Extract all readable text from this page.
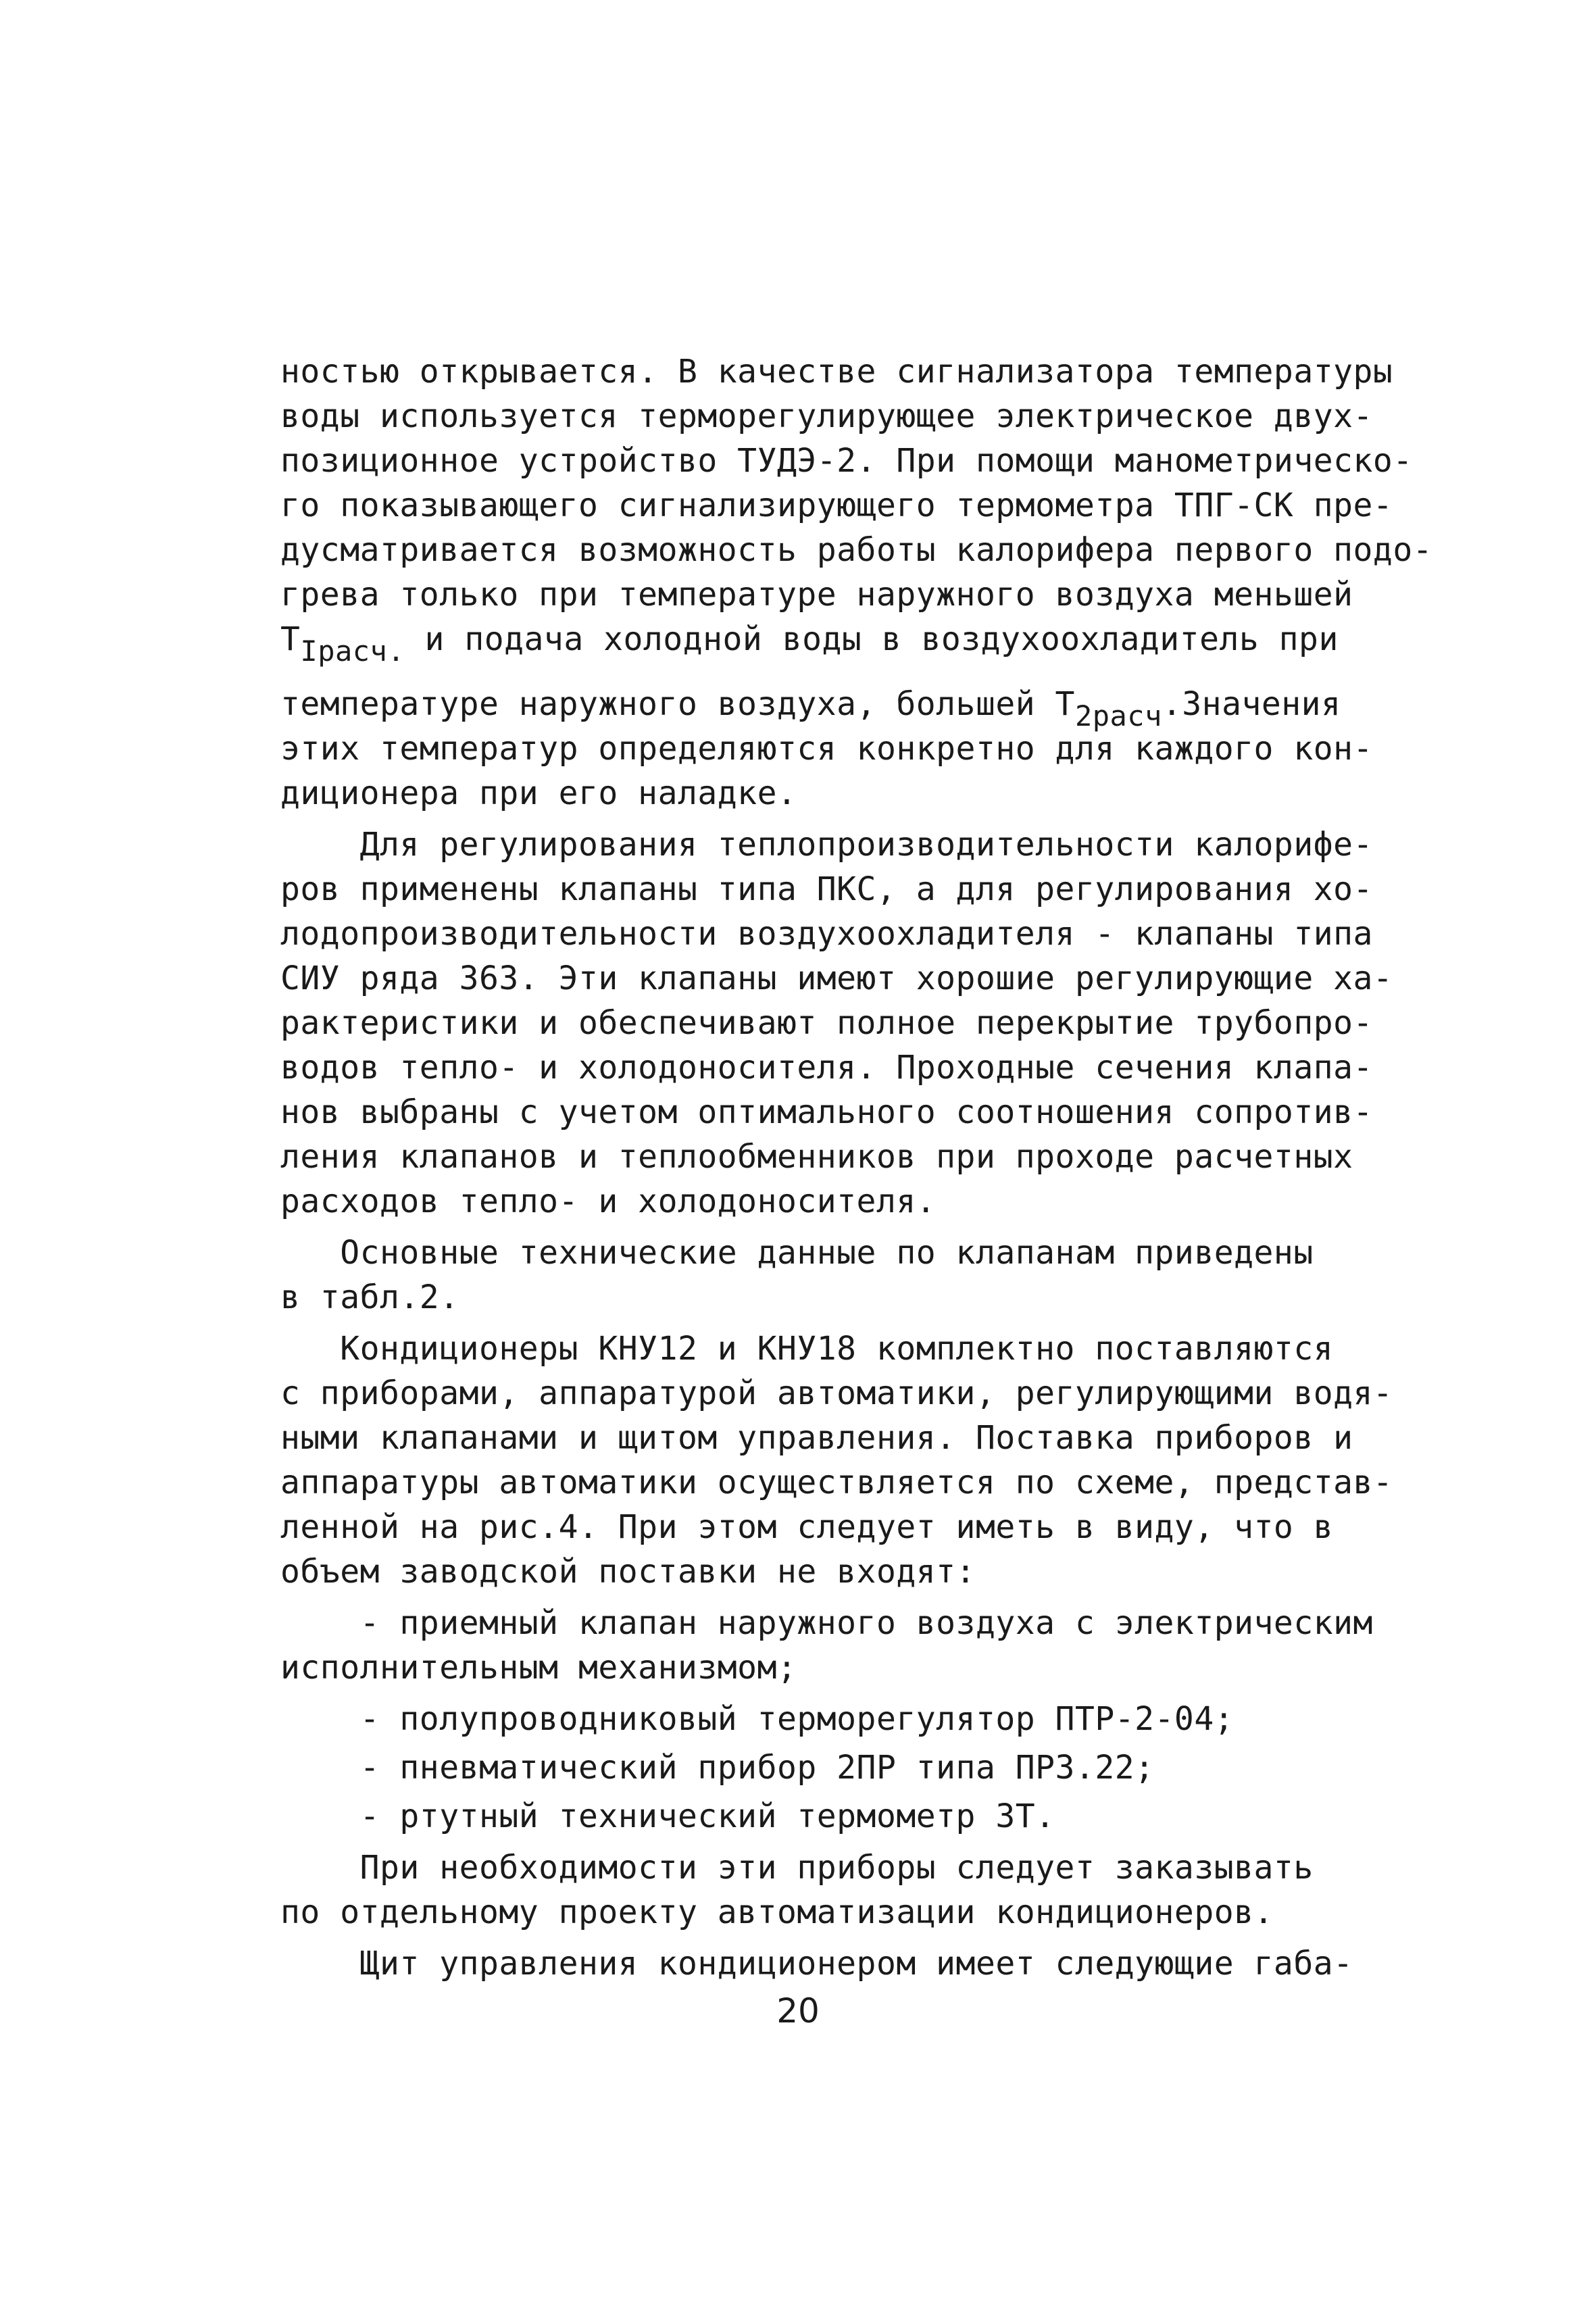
ностью открывается. В качестве сигнализатора температуры
воды используется терморегулирующее электрическое двух-
позиционное устройство ТУДЭ-2. При помощи манометрическо-
го показывающего сигнализирующего термометра ТПГ-СК пре-
дусматривается возможность работы калорифера первого подо-
грева только при температуре наружного воздуха меньшей
ТIрасч. и подача холодной воды в воздухоохладитель при
температуре наружного воздуха, большей Т2расч.Значения
этих температур определяются конкретно для каждого кон-
диционера при его наладке.
Для регулирования теплопроизводительности калорифе-
ров применены клапаны типа ПКС, а для регулирования хо-
лодопроизводительности воздухоохладителя - клапаны типа
СИУ ряда 363. Эти клапаны имеют хорошие регулирующие ха-
рактеристики и обеспечивают полное перекрытие трубопро-
водов тепло- и холодоносителя. Проходные сечения клапа-
нов выбраны с учетом оптимального соотношения сопротив-
ления клапанов и теплообменников при проходе расчетных
расходов тепло- и холодоносителя.
Основные технические данные по клапанам приведены
в табл.2.
Кондиционеры КНУ12 и КНУ18 комплектно поставляются
с приборами, аппаратурой автоматики, регулирующими водя-
ными клапанами и щитом управления. Поставка приборов и
аппаратуры автоматики осуществляется по схеме, представ-
ленной на рис.4. При этом следует иметь в виду, что в
объем заводской поставки не входят:
- приемный клапан наружного воздуха с электрическим
исполнительным механизмом;
- полупроводниковый терморегулятор ПТР-2-04;
- пневматический прибор 2ПР типа ПРЗ.22;
- ртутный технический термометр 3Т.
При необходимости эти приборы следует заказывать
по отдельному проекту автоматизации кондиционеров.
Щит управления кондиционером имеет следующие габа-
20
